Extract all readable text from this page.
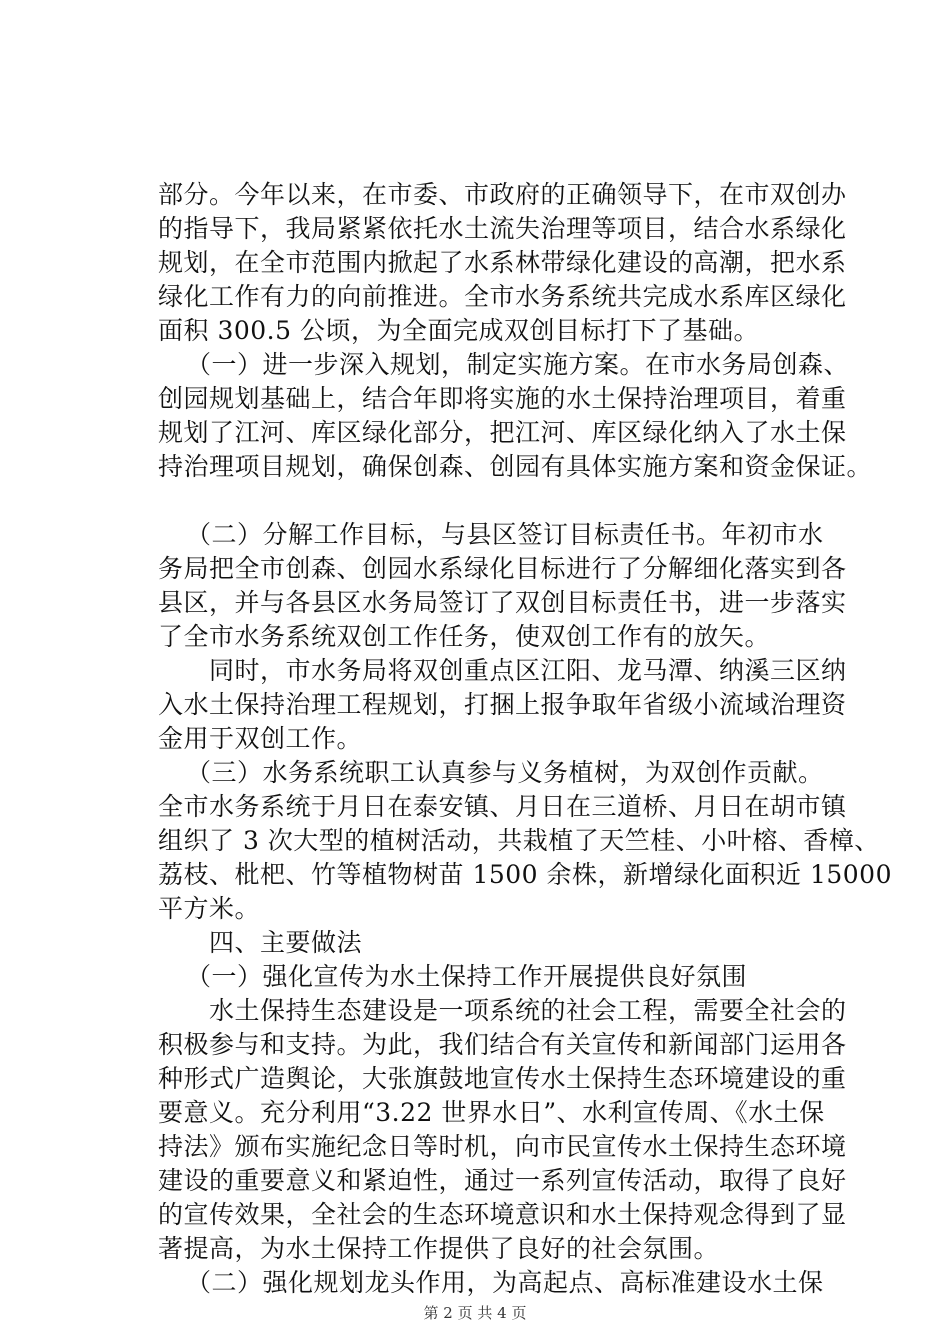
部分。今年以来，在市委、市政府的正确领导下，在市双创办
的指导下，我局紧紧依托水土流失治理等项目，结合水系绿化
规划，在全市范围内掀起了水系林带绿化建设的高潮，把水系
绿化工作有力的向前推进。全市水务系统共完成水系库区绿化
面积 300.5 公顷，为全面完成双创目标打下了基础。
（一）进一步深入规划，制定实施方案。在市水务局创森、
创园规划基础上，结合年即将实施的水土保持治理项目，着重
规划了江河、库区绿化部分，把江河、库区绿化纳入了水土保
持治理项目规划，确保创森、创园有具体实施方案和资金保证。
（二）分解工作目标，与县区签订目标责任书。年初市水
务局把全市创森、创园水系绿化目标进行了分解细化落实到各
县区，并与各县区水务局签订了双创目标责任书，进一步落实
了全市水务系统双创工作任务，使双创工作有的放矢。
同时，市水务局将双创重点区江阳、龙马潭、纳溪三区纳
入水土保持治理工程规划，打捆上报争取年省级小流域治理资
金用于双创工作。
（三）水务系统职工认真参与义务植树，为双创作贡献。
全市水务系统于月日在泰安镇、月日在三道桥、月日在胡市镇
组织了 3 次大型的植树活动，共栽植了天竺桂、小叶榕、香樟、
荔枝、枇杷、竹等植物树苗 1500 余株，新增绿化面积近 15000
平方米。
四、主要做法
（一）强化宣传为水土保持工作开展提供良好氛围
水土保持生态建设是一项系统的社会工程，需要全社会的
积极参与和支持。为此，我们结合有关宣传和新闻部门运用各
种形式广造舆论，大张旗鼓地宣传水土保持生态环境建设的重
要意义。充分利用“3.22 世界水日”、水利宣传周、《水土保
持法》颁布实施纪念日等时机，向市民宣传水土保持生态环境
建设的重要意义和紧迫性，通过一系列宣传活动，取得了良好
的宣传效果，全社会的生态环境意识和水土保持观念得到了显
著提高，为水土保持工作提供了良好的社会氛围。
（二）强化规划龙头作用，为高起点、高标准建设水土保
第 2 页 共 4 页
